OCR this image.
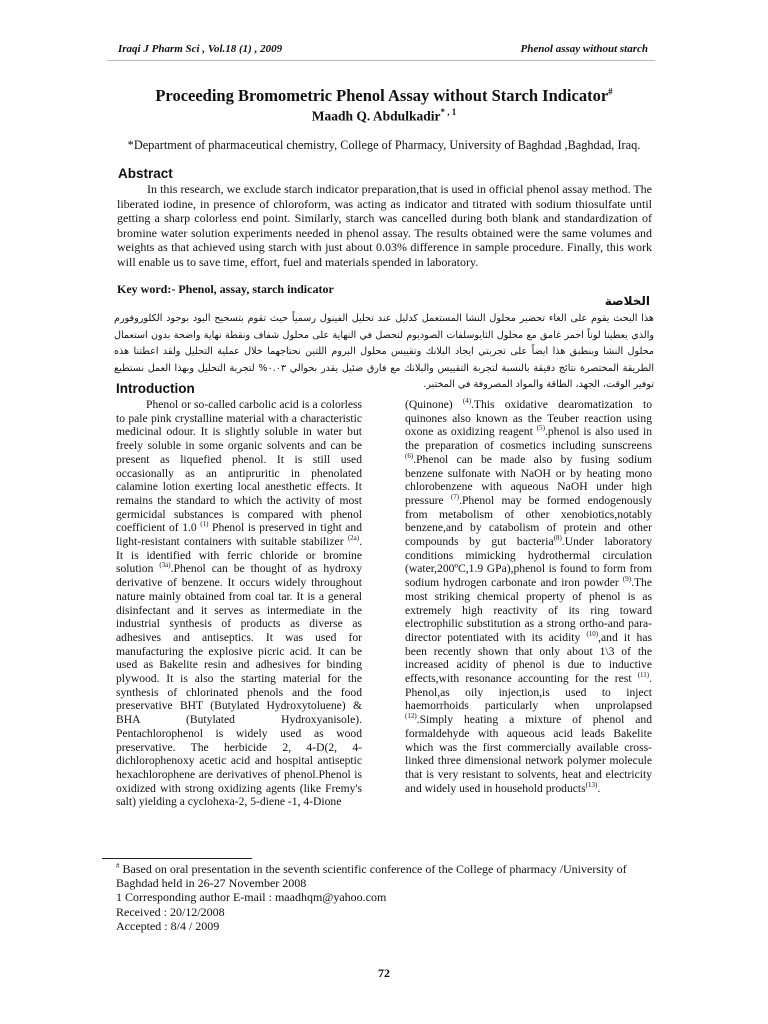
Iraqi J Pharm Sci , Vol.18 (1) , 2009	Phenol assay without starch
Proceeding Bromometric Phenol Assay without Starch Indicator#
Maadh Q. Abdulkadir$^{* , 1}$
*Department of pharmaceutical chemistry, College of Pharmacy, University of Baghdad ,Baghdad, Iraq.
Abstract
In this research, we exclude starch indicator preparation,that is used in official phenol assay method. The liberated iodine, in presence of chloroform, was acting as indicator and titrated with sodium thiosulfate until getting a sharp colorless end point. Similarly, starch was cancelled during both blank and standardization of bromine water solution experiments needed in phenol assay. The results obtained were the same volumes and weights as that achieved using starch with just about 0.03% difference in sample procedure. Finally, this work will enable us to save time, effort, fuel and materials spended in laboratory.
Key word:- Phenol, assay, starch indicator
الخلاصة
هذا البحث يقوم على الغاء تحضير محلول النشا المستعمل كدليل عند تحليل الفينول رسمياً حيث تقوم بتسحيح اليود بوجود الكلوروفورم والذي يعطينا لوناً احمر غامق مع محلول الثايوسلفات الصوديوم لنحصل في النهاية على محلول شفاف ونقطة نهاية واضحة بدون استعمال محلول النشا وبنطبق هذا ايضاً على تجربتي ايجاد البلانك وتقييس محلول البروم اللتين نحتاجهما خلال عملية التحليل ولقد اعطتنا هذه الطريقة المختصرة نتائج دقيقة بالنسبة لتجربة التقييس والبلانك مع فارق ضئيل يقدر بحوالي ٠.٠٣% لتجربة التحليل وبهذا العمل نستطيع توفير الوقت، الجهد، الطاقة والمواد المصروفة في المختبر.
Introduction
Phenol or so-called carbolic acid is a colorless to pale pink crystalline material with a characteristic medicinal odour. It is slightly soluble in water but freely soluble in some organic solvents and can be present as liquefied phenol. It is still used occasionally as an antipruritic in phenolated calamine lotion exerting local anesthetic effects. It remains the standard to which the activity of most germicidal substances is compared with phenol coefficient of 1.0 $^{(1)}$ Phenol is preserved in tight and light-resistant containers with suitable stabilizer $^{(2a)}$. It is identified with ferric chloride or bromine solution $^{(3a)}$.Phenol can be thought of as hydroxy derivative of benzene. It occurs widely throughout nature mainly obtained from coal tar. It is a general disinfectant and it serves as intermediate in the industrial synthesis of products as diverse as adhesives and antiseptics. It was used for manufacturing the explosive picric acid. It can be used as Bakelite resin and adhesives for binding plywood. It is also the starting material for the synthesis of chlorinated phenols and the food preservative BHT (Butylated Hydroxytoluene) & BHA (Butylated Hydroxyanisole). Pentachlorophenol is widely used as wood preservative. The herbicide 2, 4-D(2, 4- dichlorophenoxy acetic acid and hospital antiseptic hexachlorophene are derivatives of phenol.Phenol is oxidized with strong oxidizing agents (like Fremy's salt) yielding a cyclohexa-2, 5-diene -1, 4-Dione
(Quinone) $^{(4)}$.This oxidative dearomatization to quinones also known as the Teuber reaction using oxone as oxidizing reagent $^{(5)}$.phenol is also used in the preparation of cosmetics including sunscreens $^{(6)}$.Phenol can be made also by fusing sodium benzene sulfonate with NaOH or by heating mono chlorobenzene with aqueous NaOH under high pressure $^{(7)}$.Phenol may be formed endogenously from metabolism of other xenobiotics,notably benzene,and by catabolism of protein and other compounds by gut bacteria$^{(8)}$.Under laboratory conditions mimicking hydrothermal circulation (water,200ºC,1.9 GPa),phenol is found to form from sodium hydrogen carbonate and iron powder $^{(9)}$.The most striking chemical property of phenol is as extremely high reactivity of its ring toward electrophilic substitution as a strong ortho-and para-director potentiated with its acidity $^{(10)}$,and it has been recently shown that only about 1\3 of the increased acidity of phenol is due to inductive effects,with resonance accounting for the rest $^{(11)}$. Phenol,as oily injection,is used to inject haemorrhoids particularly when unprolapsed $^{(12)}$.Simply heating a mixture of phenol and formaldehyde with aqueous acid leads Bakelite which was the first commercially available cross-linked three dimensional network polymer molecule that is very resistant to solvents, heat and electricity and widely used in household products$^{(13)}$.
# Based on oral presentation in the seventh scientific conference of the College of pharmacy /University of Baghdad held in 26-27 November 2008
1 Corresponding author E-mail : maadhqm@yahoo.com
Received : 20/12/2008
Accepted : 8/4 / 2009
72
